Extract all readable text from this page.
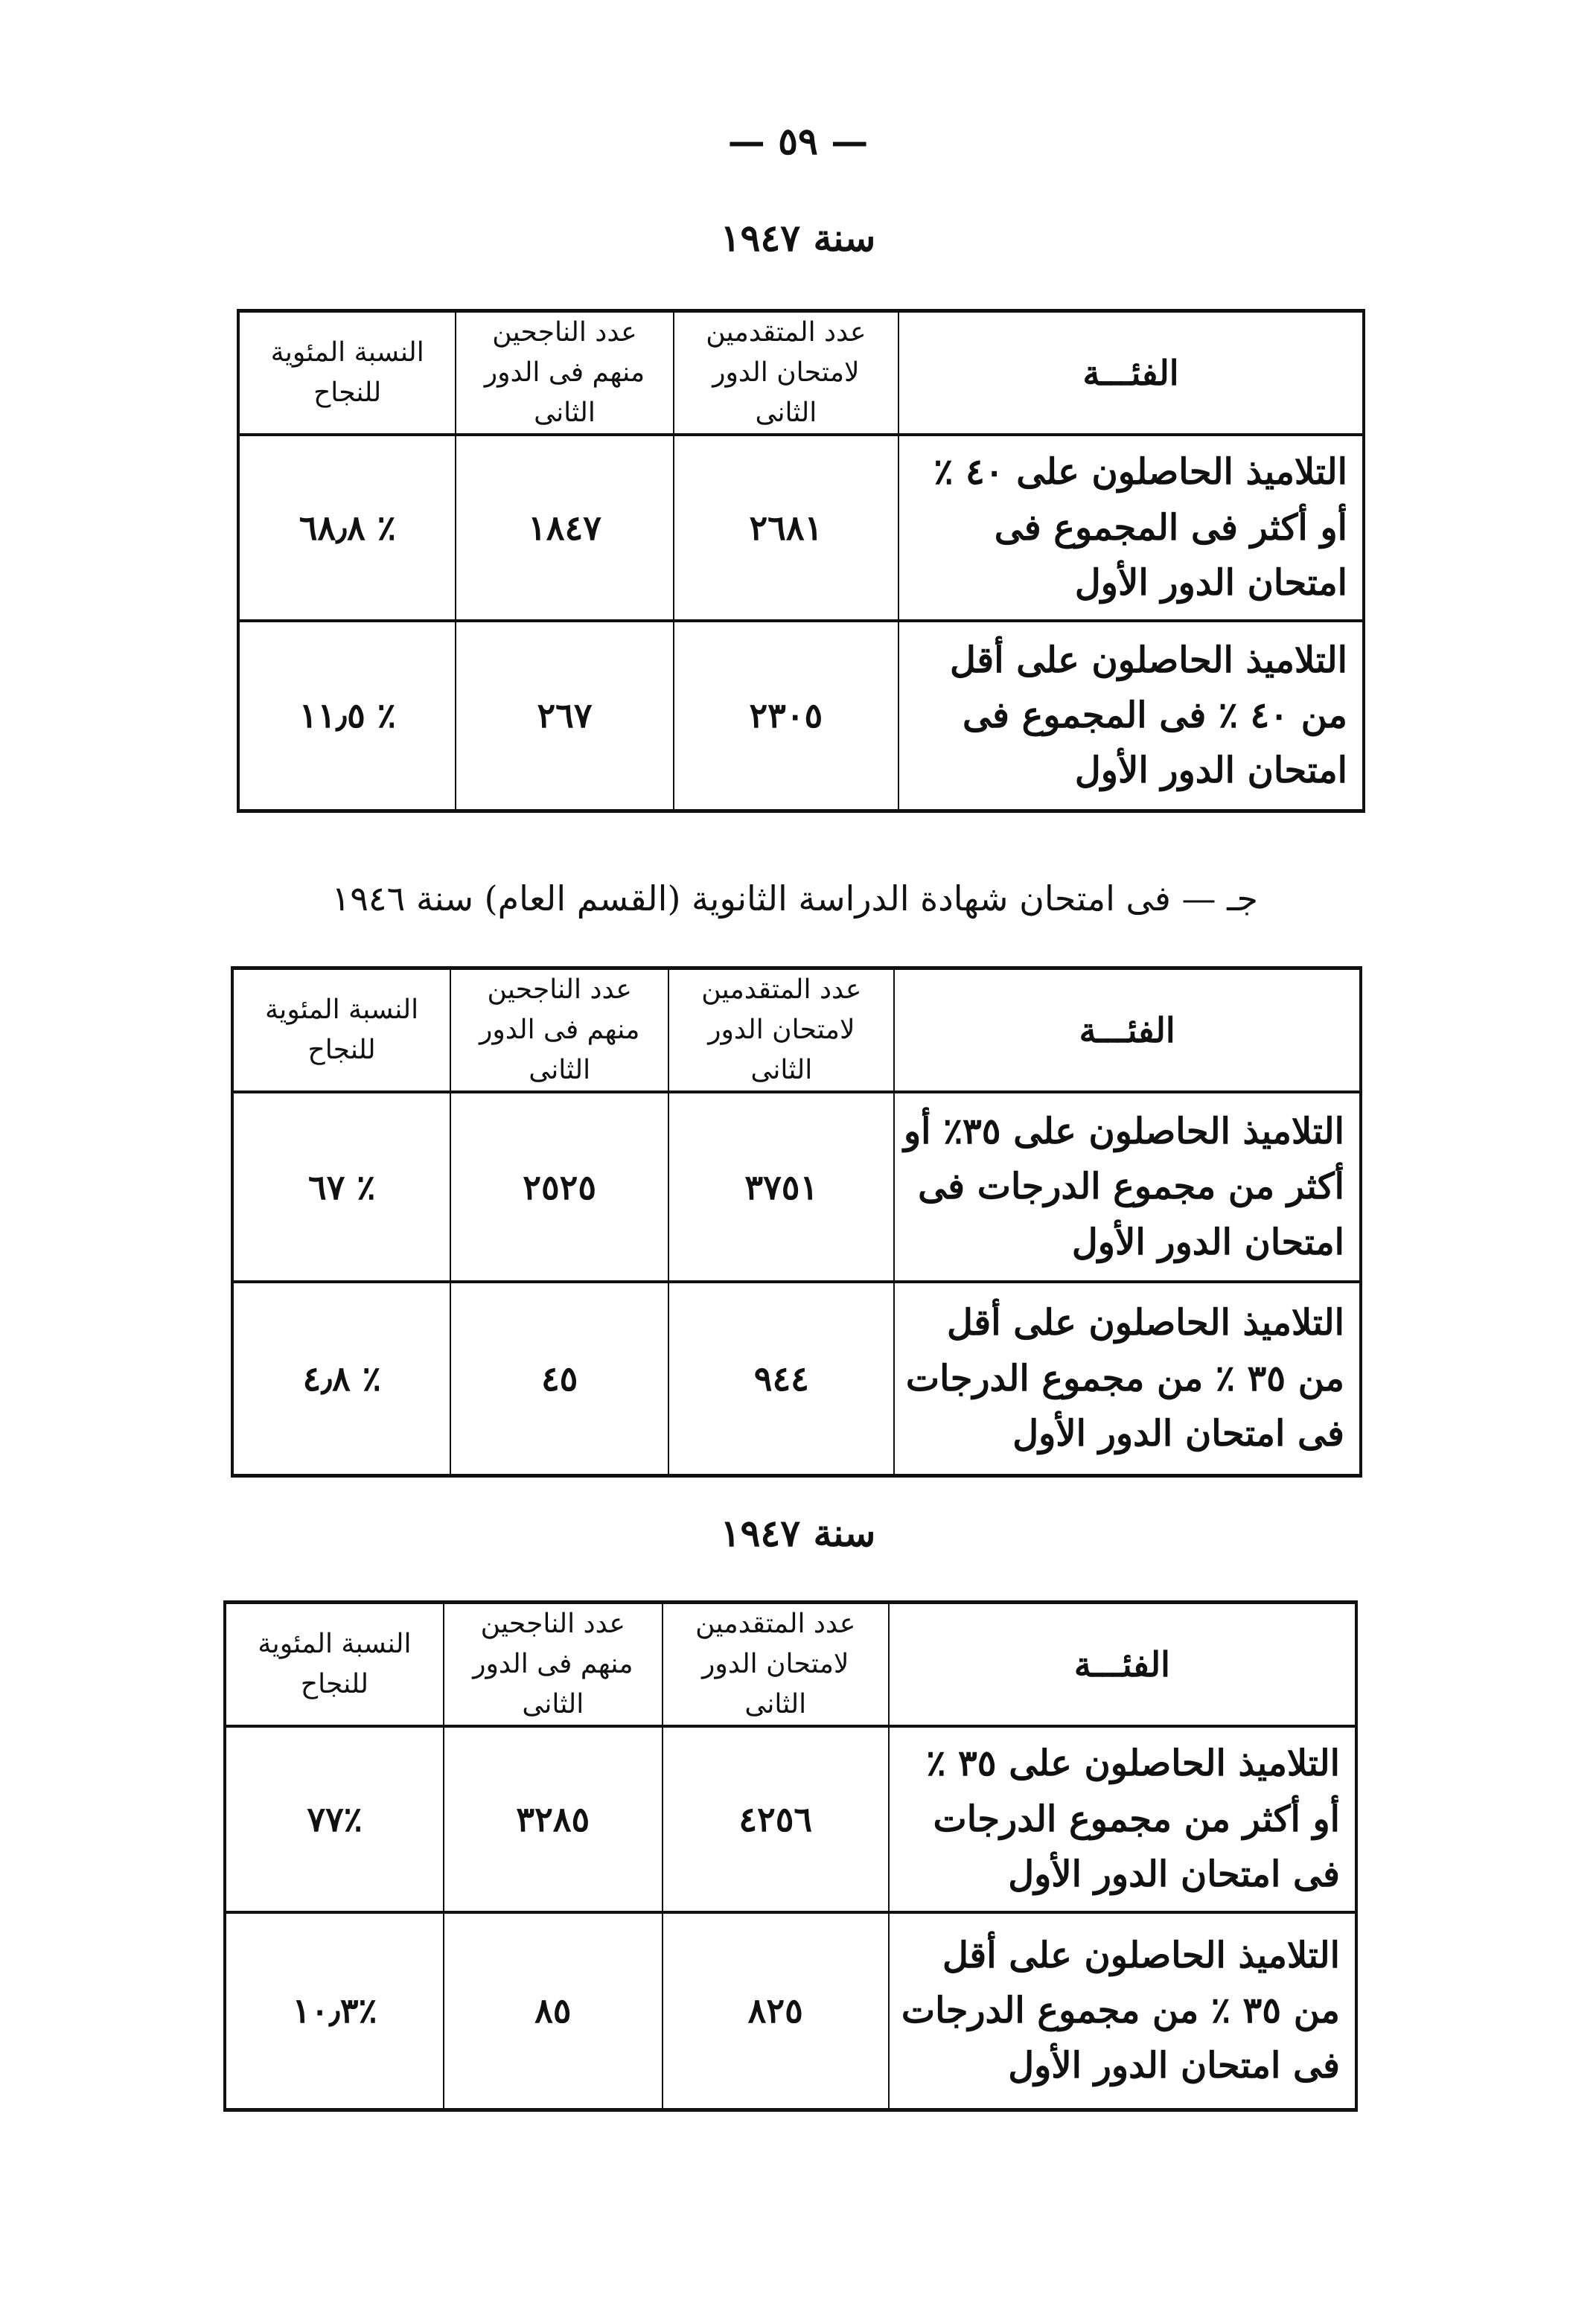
— ٥٩ —
سنة ١٩٤٧
الفئـــة	عدد المتقدمين لامتحان الدور الثانى	عدد الناجحين منهم فى الدور الثانى	النسبة المئوية للنجاح
التلاميذ الحاصلون على ٤٠ ٪ أو أكثر فى المجموع فى امتحان الدور الأول	٢٦٨١	١٨٤٧	٪ ٦٨٫٨
التلاميذ الحاصلون على أقل من ٤٠ ٪ فى المجموع فى امتحان الدور الأول	٢٣٠٥	٢٦٧	٪ ١١٫٥
جـ — فى امتحان شهادة الدراسة الثانوية (القسم العام) سنة ١٩٤٦
الفئـــة	عدد المتقدمين لامتحان الدور الثانى	عدد الناجحين منهم فى الدور الثانى	النسبة المئوية للنجاح
التلاميذ الحاصلون على ٣٥٪ أو أكثر من مجموع الدرجات فى امتحان الدور الأول	٣٧٥١	٢٥٢٥	٪ ٦٧
التلاميذ الحاصلون على أقل من ٣٥ ٪ من مجموع الدرجات فى امتحان الدور الأول	٩٤٤	٤٥	٪ ٤٫٨
سنة ١٩٤٧
الفئـــة	عدد المتقدمين لامتحان الدور الثانى	عدد الناجحين منهم فى الدور الثانى	النسبة المئوية للنجاح
التلاميذ الحاصلون على ٣٥ ٪ أو أكثر من مجموع الدرجات فى امتحان الدور الأول	٤٢٥٦	٣٢٨٥	٪٧٧
التلاميذ الحاصلون على أقل من ٣٥ ٪ من مجموع الدرجات فى امتحان الدور الأول	٨٢٥	٨٥	٪١٠٫٣
